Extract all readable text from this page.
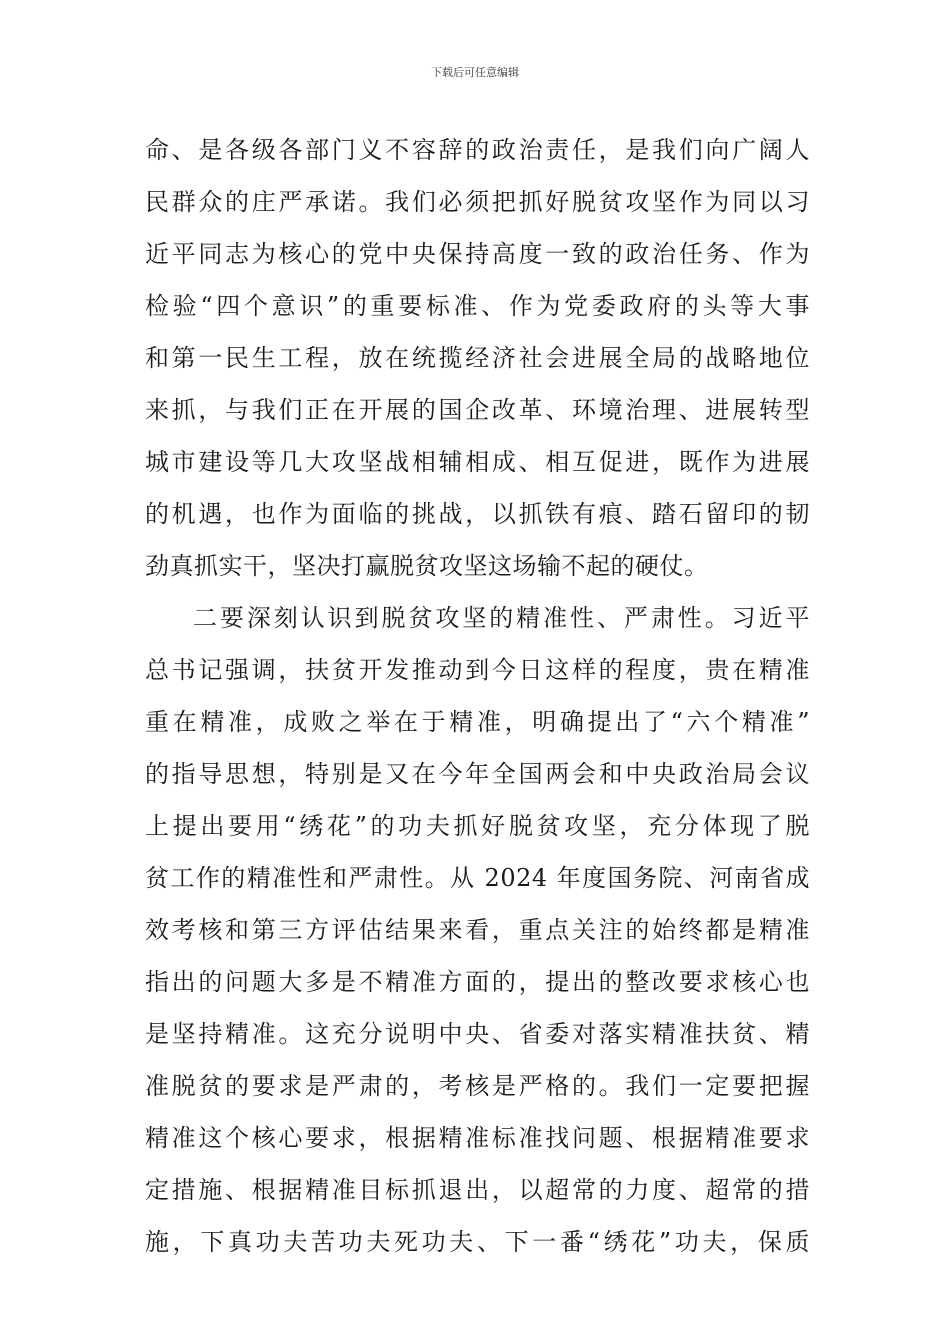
下载后可任意编辑
命、是各级各部门义不容辞的政治责任，是我们向广阔人
民群众的庄严承诺。我们必须把抓好脱贫攻坚作为同以习
近平同志为核心的党中央保持高度一致的政治任务、作为
检验“四个意识”的重要标准、作为党委政府的头等大事
和第一民生工程，放在统揽经济社会进展全局的战略地位
来抓，与我们正在开展的国企改革、环境治理、进展转型
城市建设等几大攻坚战相辅相成、相互促进，既作为进展
的机遇，也作为面临的挑战，以抓铁有痕、踏石留印的韧
劲真抓实干，坚决打赢脱贫攻坚这场输不起的硬仗。
二要深刻认识到脱贫攻坚的精准性、严肃性。习近平
总书记强调，扶贫开发推动到今日这样的程度，贵在精准
重在精准，成败之举在于精准，明确提出了“六个精准”
的指导思想，特别是又在今年全国两会和中央政治局会议
上提出要用“绣花”的功夫抓好脱贫攻坚，充分体现了脱
贫工作的精准性和严肃性。从 2024 年度国务院、河南省成
效考核和第三方评估结果来看，重点关注的始终都是精准
指出的问题大多是不精准方面的，提出的整改要求核心也
是坚持精准。这充分说明中央、省委对落实精准扶贫、精
准脱贫的要求是严肃的，考核是严格的。我们一定要把握
精准这个核心要求，根据精准标准找问题、根据精准要求
定措施、根据精准目标抓退出，以超常的力度、超常的措
施，下真功夫苦功夫死功夫、下一番“绣花”功夫，保质
